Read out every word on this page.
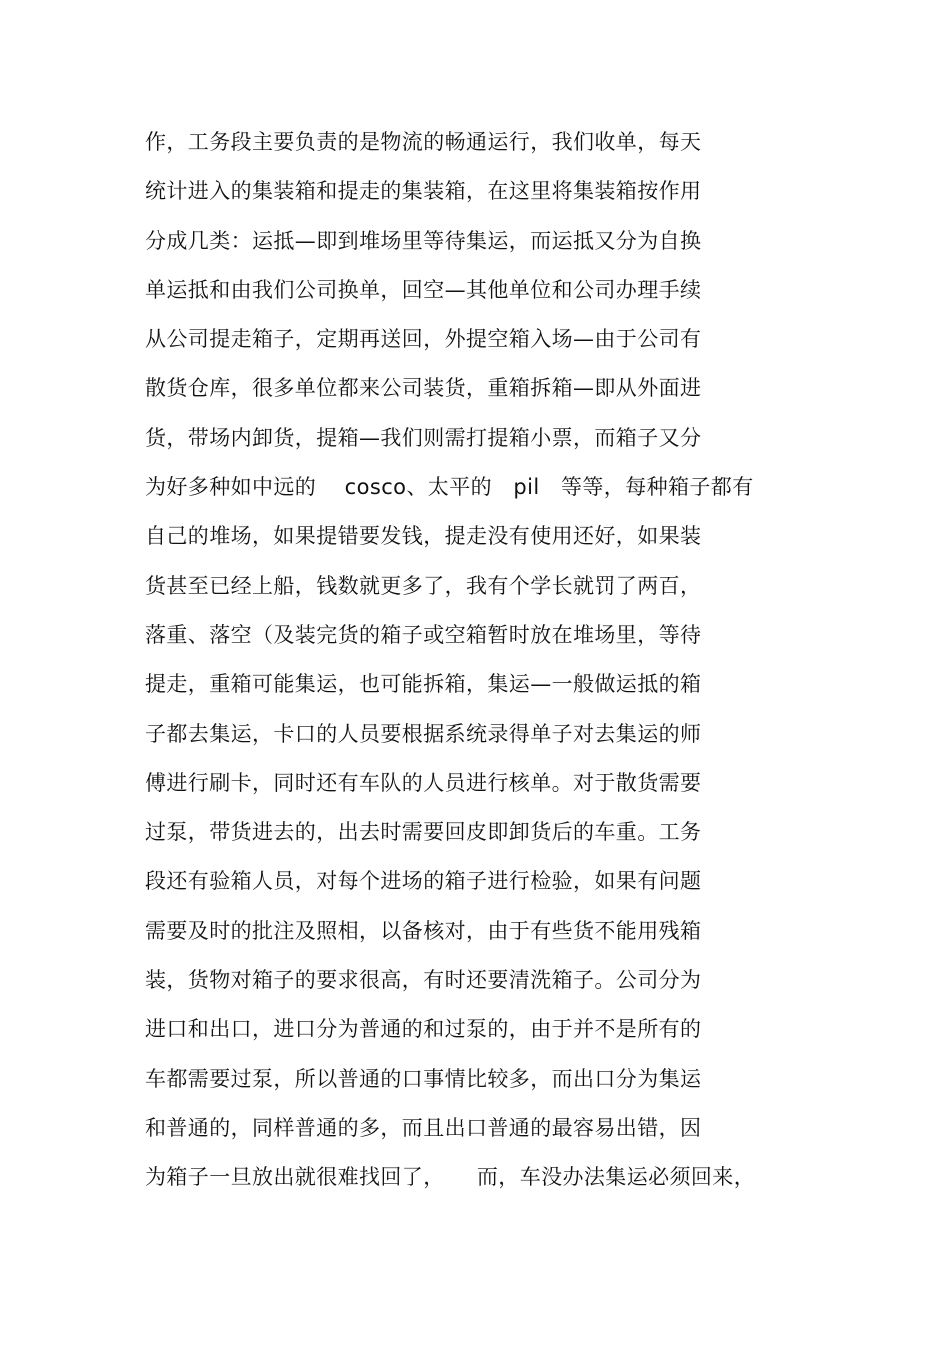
作，工务段主要负责的是物流的畅通运行，我们收单，每天
统计进入的集装箱和提走的集装箱，在这里将集装箱按作用
分成几类：运抵—即到堆场里等待集运，而运抵又分为自换
单运抵和由我们公司换单，回空—其他单位和公司办理手续
从公司提走箱子，定期再送回，外提空箱入场—由于公司有
散货仓库，很多单位都来公司装货，重箱拆箱—即从外面进
货，带场内卸货，提箱—我们则需打提箱小票，而箱子又分
为好多种如中远的　 cosco、太平的　pil　等等，每种箱子都有
自己的堆场，如果提错要发钱，提走没有使用还好，如果装
货甚至已经上船，钱数就更多了，我有个学长就罚了两百，
落重、落空（及装完货的箱子或空箱暂时放在堆场里，等待
提走，重箱可能集运，也可能拆箱，集运—一般做运抵的箱
子都去集运，卡口的人员要根据系统录得单子对去集运的师
傅进行刷卡，同时还有车队的人员进行核单。对于散货需要
过泵，带货进去的，出去时需要回皮即卸货后的车重。工务
段还有验箱人员，对每个进场的箱子进行检验，如果有问题
需要及时的批注及照相，以备核对，由于有些货不能用残箱
装，货物对箱子的要求很高，有时还要清洗箱子。公司分为
进口和出口，进口分为普通的和过泵的，由于并不是所有的
车都需要过泵，所以普通的口事情比较多，而出口分为集运
和普通的，同样普通的多，而且出口普通的最容易出错，因
为箱子一旦放出就很难找回了，　　而，车没办法集运必须回来，
